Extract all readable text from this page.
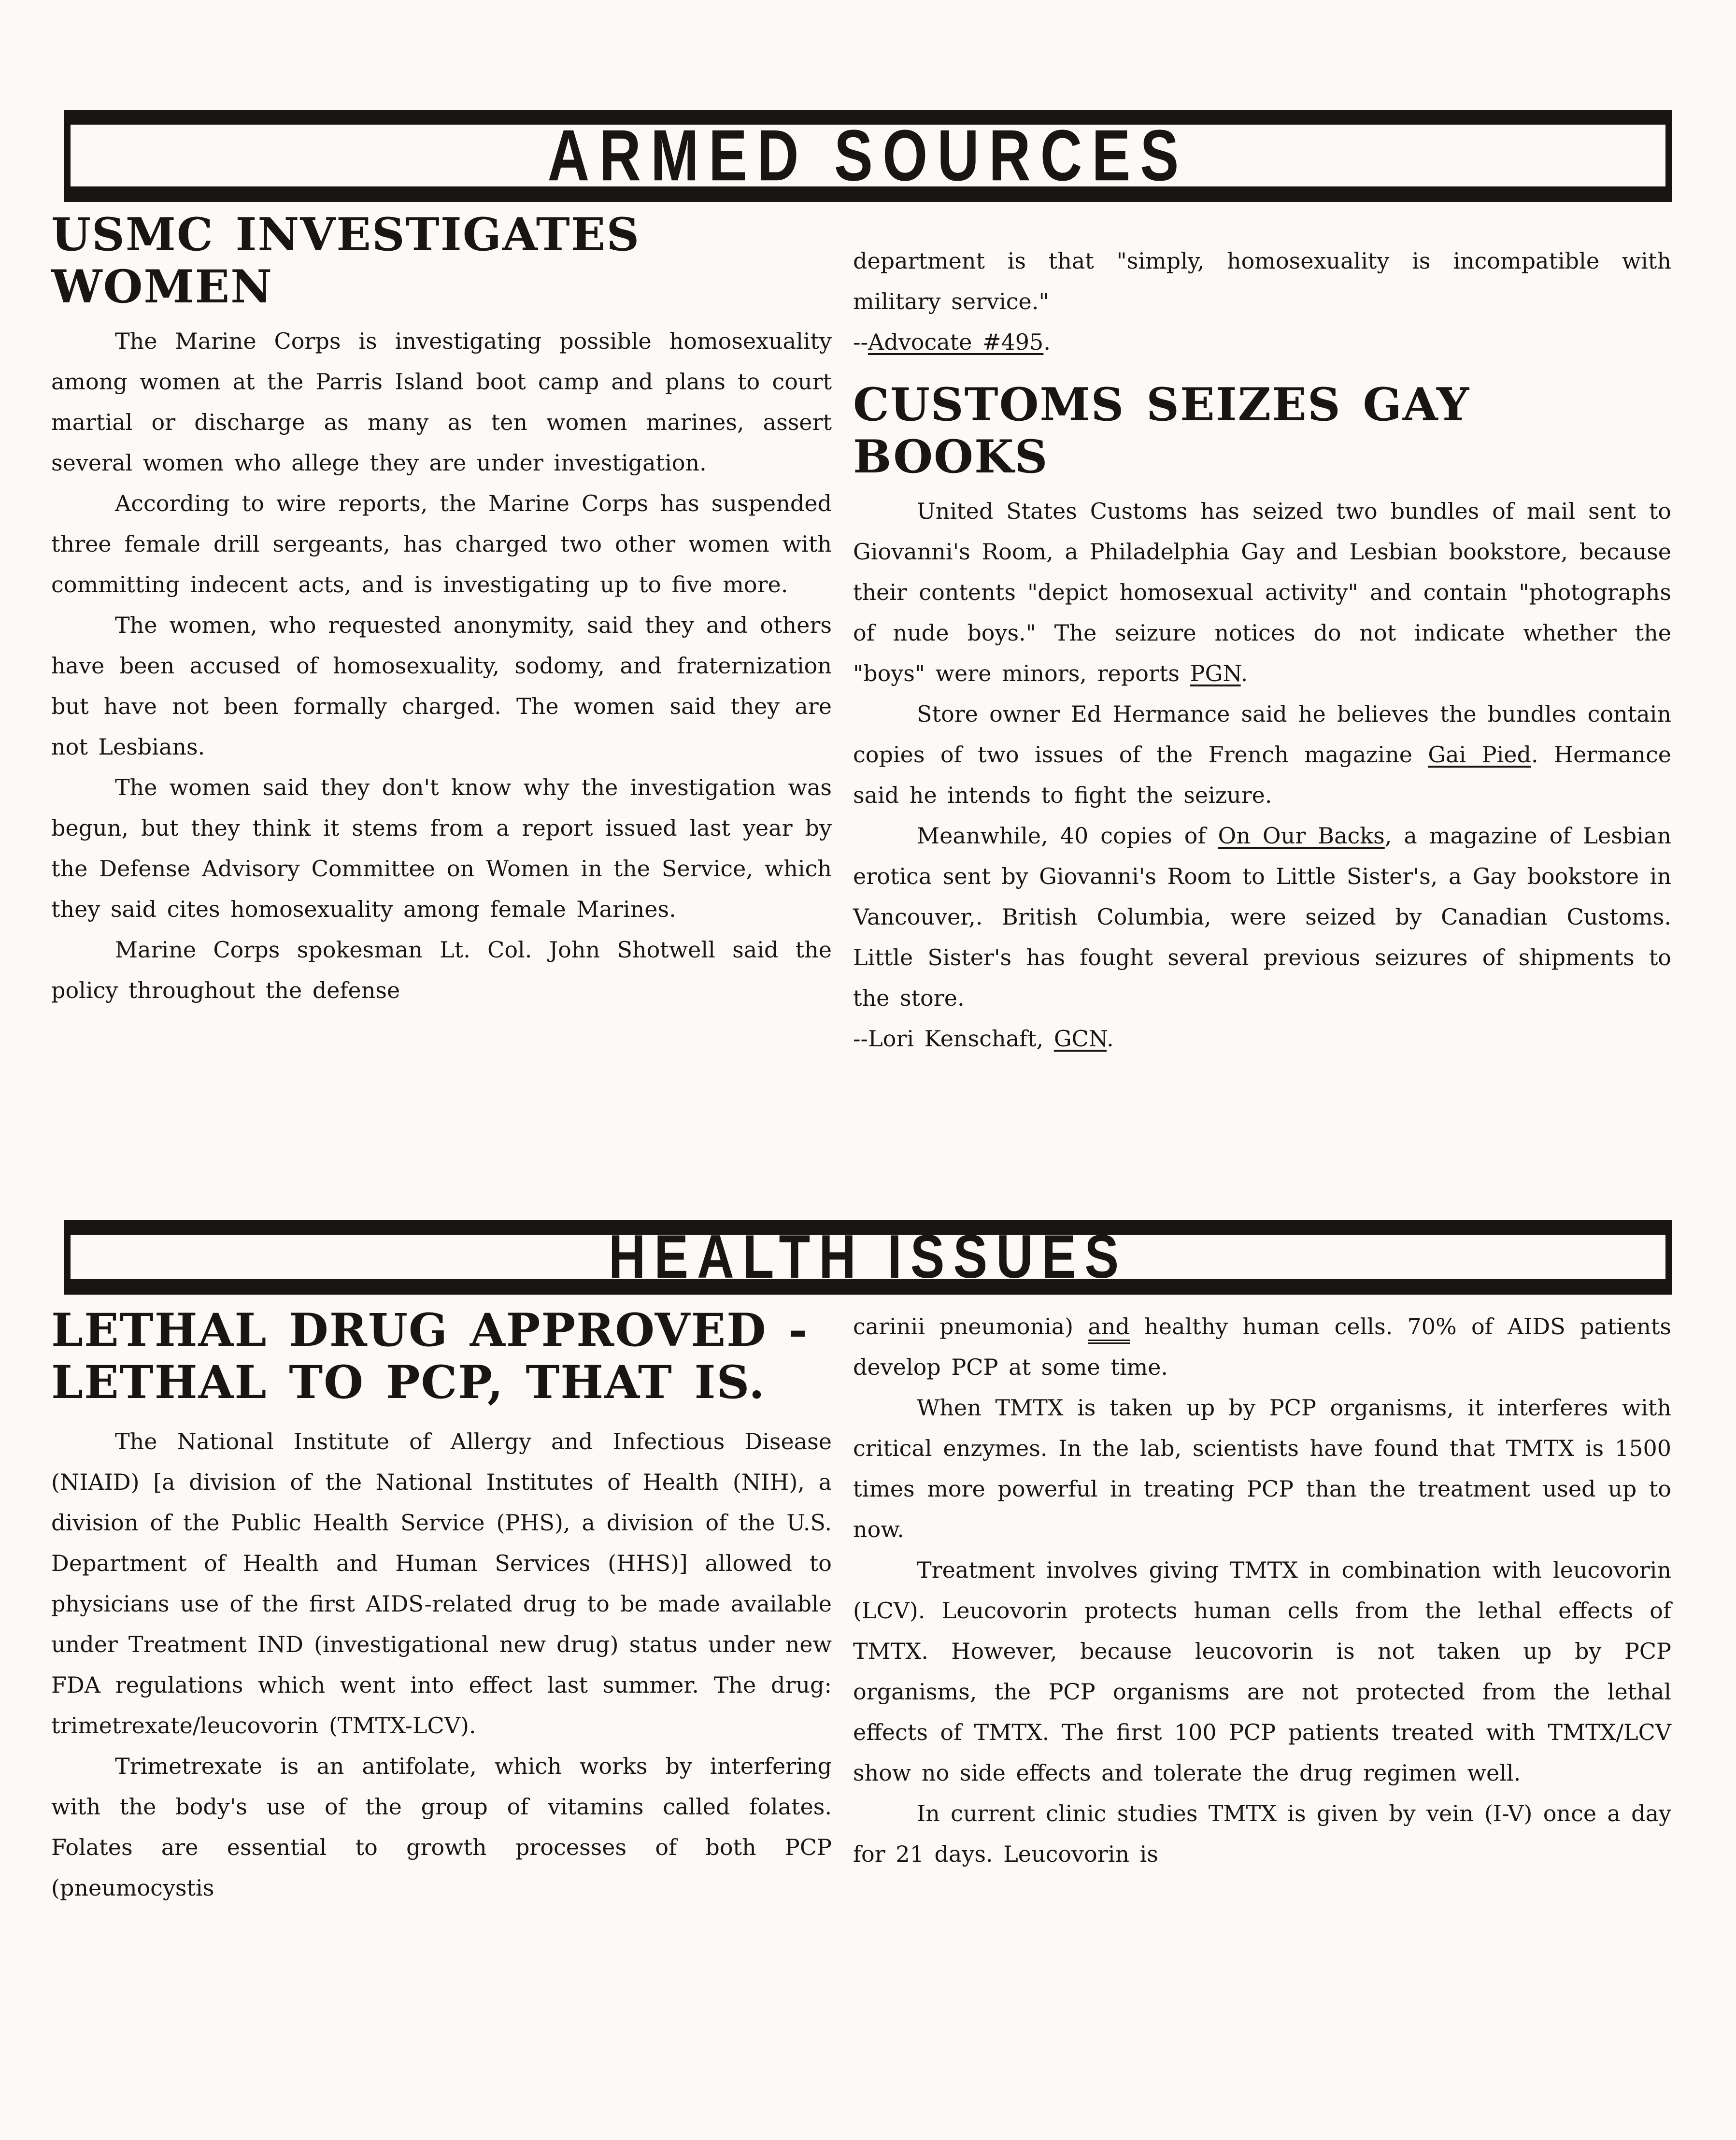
ARMED SOURCES
USMC INVESTIGATES WOMEN

The Marine Corps is investigating possible homosexuality among women at the Parris Island boot camp and plans to court martial or discharge as many as ten women marines, assert several women who allege they are under investigation.

According to wire reports, the Marine Corps has suspended three female drill sergeants, has charged two other women with committing indecent acts, and is investigating up to five more.

The women, who requested anonymity, said they and others have been accused of homosexuality, sodomy, and fraternization but have not been formally charged. The women said they are not Lesbians.

The women said they don't know why the investigation was begun, but they think it stems from a report issued last year by the Defense Advisory Committee on Women in the Service, which they said cites homosexuality among female Marines.

Marine Corps spokesman Lt. Col. John Shotwell said the policy throughout the defense

department is that "simply, homosexuality is incompatible with military service."

--Advocate #495.

CUSTOMS SEIZES GAY BOOKS

United States Customs has seized two bundles of mail sent to Giovanni's Room, a Philadelphia Gay and Lesbian bookstore, because their contents "depict homosexual activity" and contain "photographs of nude boys." The seizure notices do not indicate whether the "boys" were minors, reports PGN.

Store owner Ed Hermance said he believes the bundles contain copies of two issues of the French magazine Gai Pied. Hermance said he intends to fight the seizure.

Meanwhile, 40 copies of On Our Backs, a magazine of Lesbian erotica sent by Giovanni's Room to Little Sister's, a Gay bookstore in Vancouver,. British Columbia, were seized by Canadian Customs. Little Sister's has fought several previous seizures of shipments to the store.

--Lori Kenschaft, GCN.

HEALTH ISSUES
LETHAL DRUG APPROVED -
LETHAL TO PCP, THAT IS.

The National Institute of Allergy and Infectious Disease (NIAID) [a division of the National Institutes of Health (NIH), a division of the Public Health Service (PHS), a division of the U.S. Department of Health and Human Services (HHS)] allowed to physicians use of the first AIDS-related drug to be made available under Treatment IND (investigational new drug) status under new FDA regulations which went into effect last summer. The drug: trimetrexate/leucovorin (TMTX-LCV).

Trimetrexate is an antifolate, which works by interfering with the body's use of the group of vitamins called folates. Folates are essential to growth processes of both PCP (pneumocystis

carinii pneumonia) and healthy human cells. 70% of AIDS patients develop PCP at some time.

When TMTX is taken up by PCP organisms, it interferes with critical enzymes. In the lab, scientists have found that TMTX is 1500 times more powerful in treating PCP than the treatment used up to now.

Treatment involves giving TMTX in combination with leucovorin (LCV). Leucovorin protects human cells from the lethal effects of TMTX. However, because leucovorin is not taken up by PCP organisms, the PCP organisms are not protected from the lethal effects of TMTX. The first 100 PCP patients treated with TMTX/LCV show no side effects and tolerate the drug regimen well.

In current clinic studies TMTX is given by vein (I-V) once a day for 21 days. Leucovorin is
